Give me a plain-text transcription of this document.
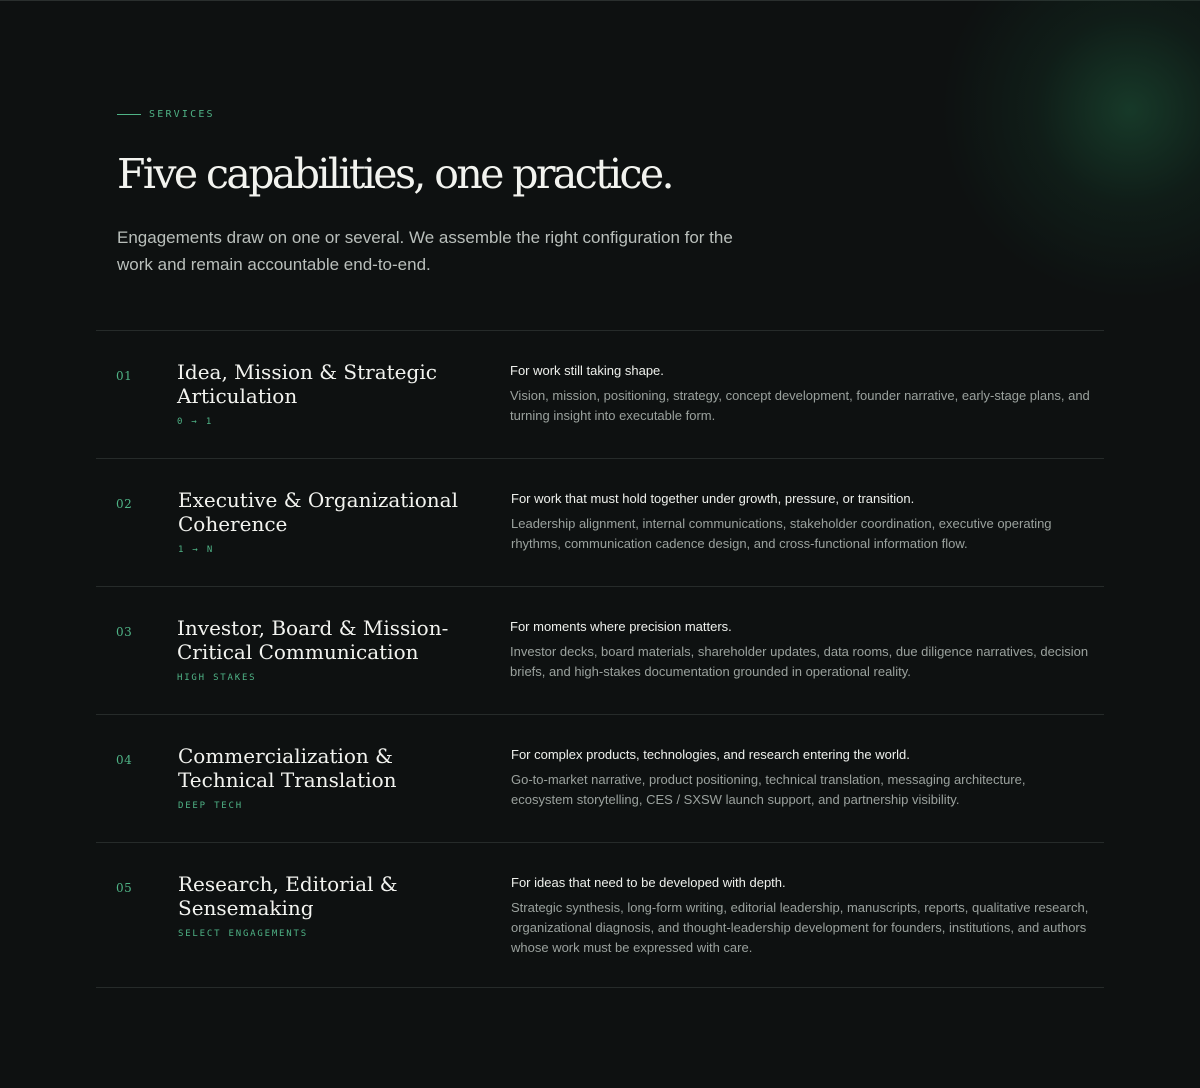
SERVICES
Five capabilities, one practice.

Engagements draw on one or several. We assemble the right configuration for the work and remain accountable end-to-end.

01 Idea, Mission & Strategic Articulation
0 → 1

For work still taking shape.

Vision, mission, positioning, strategy, concept development, founder narrative, early-stage plans, and turning insight into executable form.

02 Executive & Organizational Coherence
1 → N

For work that must hold together under growth, pressure, or transition.

Leadership alignment, internal communications, stakeholder coordination, executive operating rhythms, communication cadence design, and cross-functional information flow.

03 Investor, Board & Mission-Critical Communication
HIGH STAKES

For moments where precision matters.

Investor decks, board materials, shareholder updates, data rooms, due diligence narratives, decision briefs, and high-stakes documentation grounded in operational reality.

04 Commercialization & Technical Translation
DEEP TECH

For complex products, technologies, and research entering the world.

Go-to-market narrative, product positioning, technical translation, messaging architecture, ecosystem storytelling, CES / SXSW launch support, and partnership visibility.

05 Research, Editorial & Sensemaking
SELECT ENGAGEMENTS

For ideas that need to be developed with depth.

Strategic synthesis, long-form writing, editorial leadership, manuscripts, reports, qualitative research, organizational diagnosis, and thought-leadership development for founders, institutions, and authors whose work must be expressed with care.
